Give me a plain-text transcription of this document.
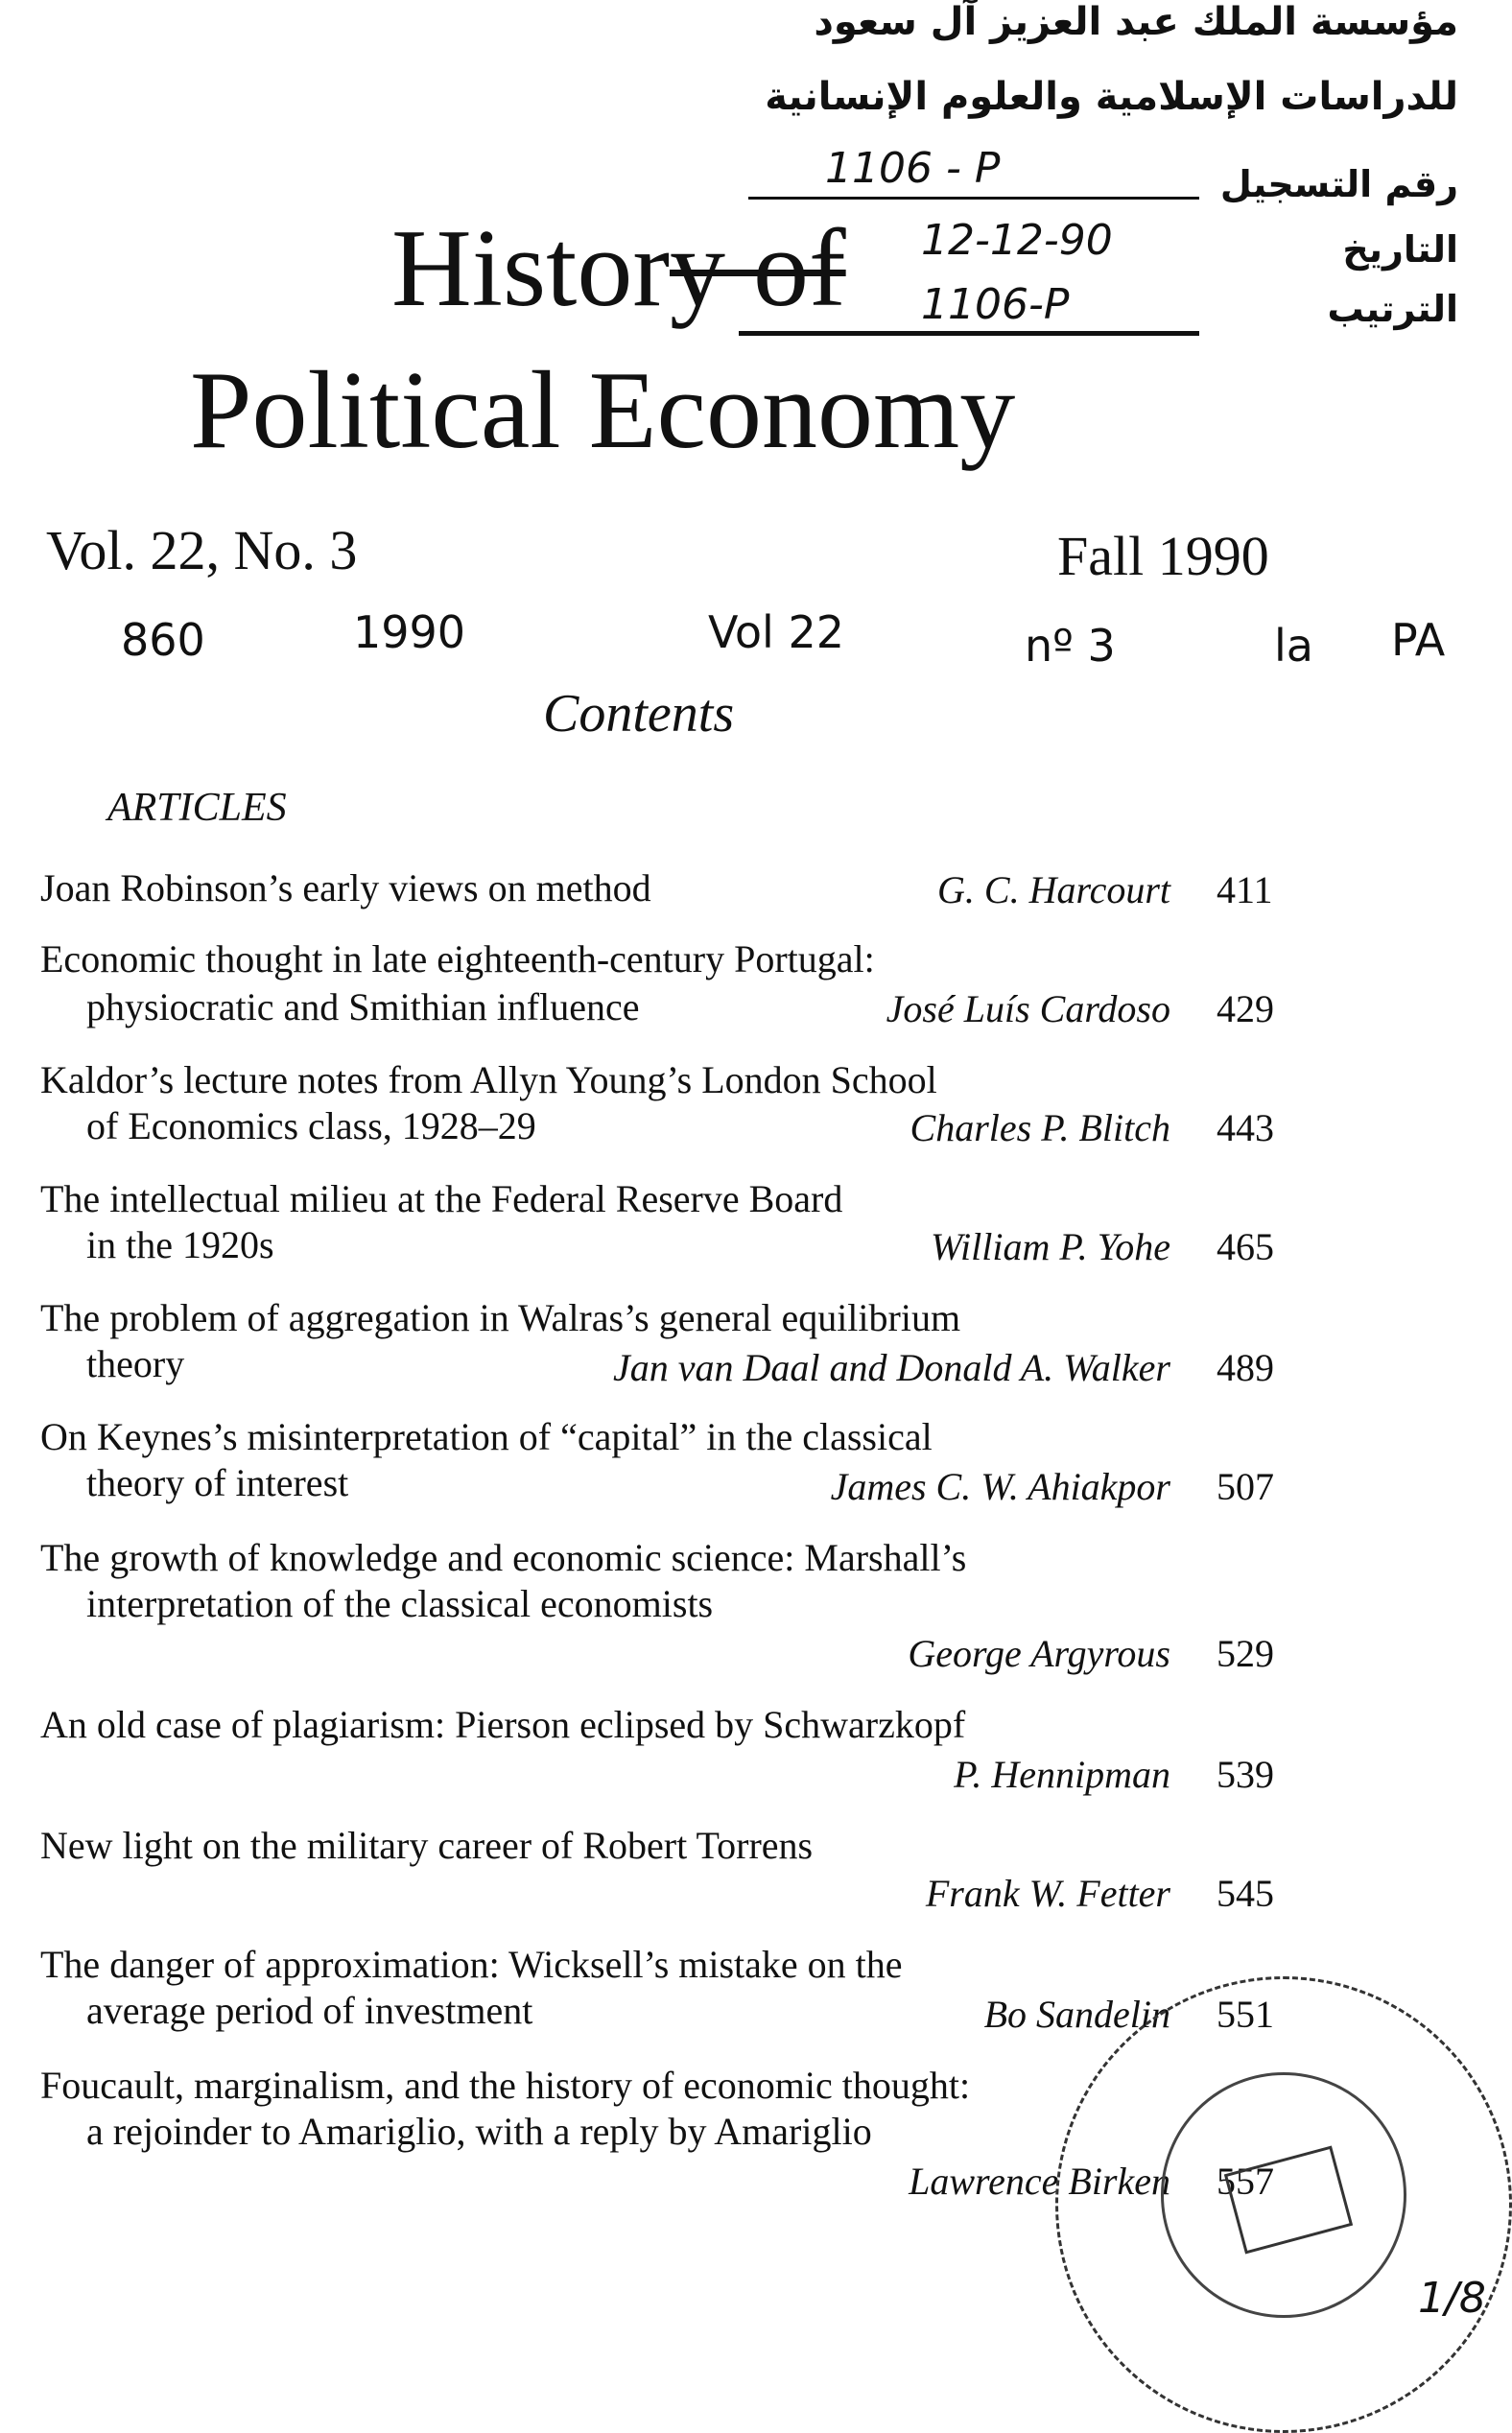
مؤسسة الملك عبد العزيز آل سعود
للدراسات الإسلامية والعلوم الإنسانية
رقم التسجيل
1106 - P
التاريخ
12-12-90
الترتيب
1106-P
History of
Political Economy
Vol. 22, No. 3	Fall 1990
860	1990	Vol 22	nº 3	la PA
Contents
ARTICLES
Joan Robinson’s early views on method	G. C. Harcourt 411
Economic thought in late eighteenth-century Portugal:
physiocratic and Smithian influence	José Luís Cardoso 429
Kaldor’s lecture notes from Allyn Young’s London School
of Economics class, 1928–29	Charles P. Blitch 443
The intellectual milieu at the Federal Reserve Board
in the 1920s	William P. Yohe 465
The problem of aggregation in Walras’s general equilibrium
theory	Jan van Daal and Donald A. Walker 489
On Keynes’s misinterpretation of “capital” in the classical
theory of interest	James C. W. Ahiakpor 507
The growth of knowledge and economic science: Marshall’s
interpretation of the classical economists
George Argyrous 529
An old case of plagiarism: Pierson eclipsed by Schwarzkopf
P. Hennipman 539
New light on the military career of Robert Torrens
Frank W. Fetter 545
The danger of approximation: Wicksell’s mistake on the
average period of investment	Bo Sandelin 551
Foucault, marginalism, and the history of economic thought:
a rejoinder to Amariglio, with a reply by Amariglio
Lawrence Birken 557
1/8
